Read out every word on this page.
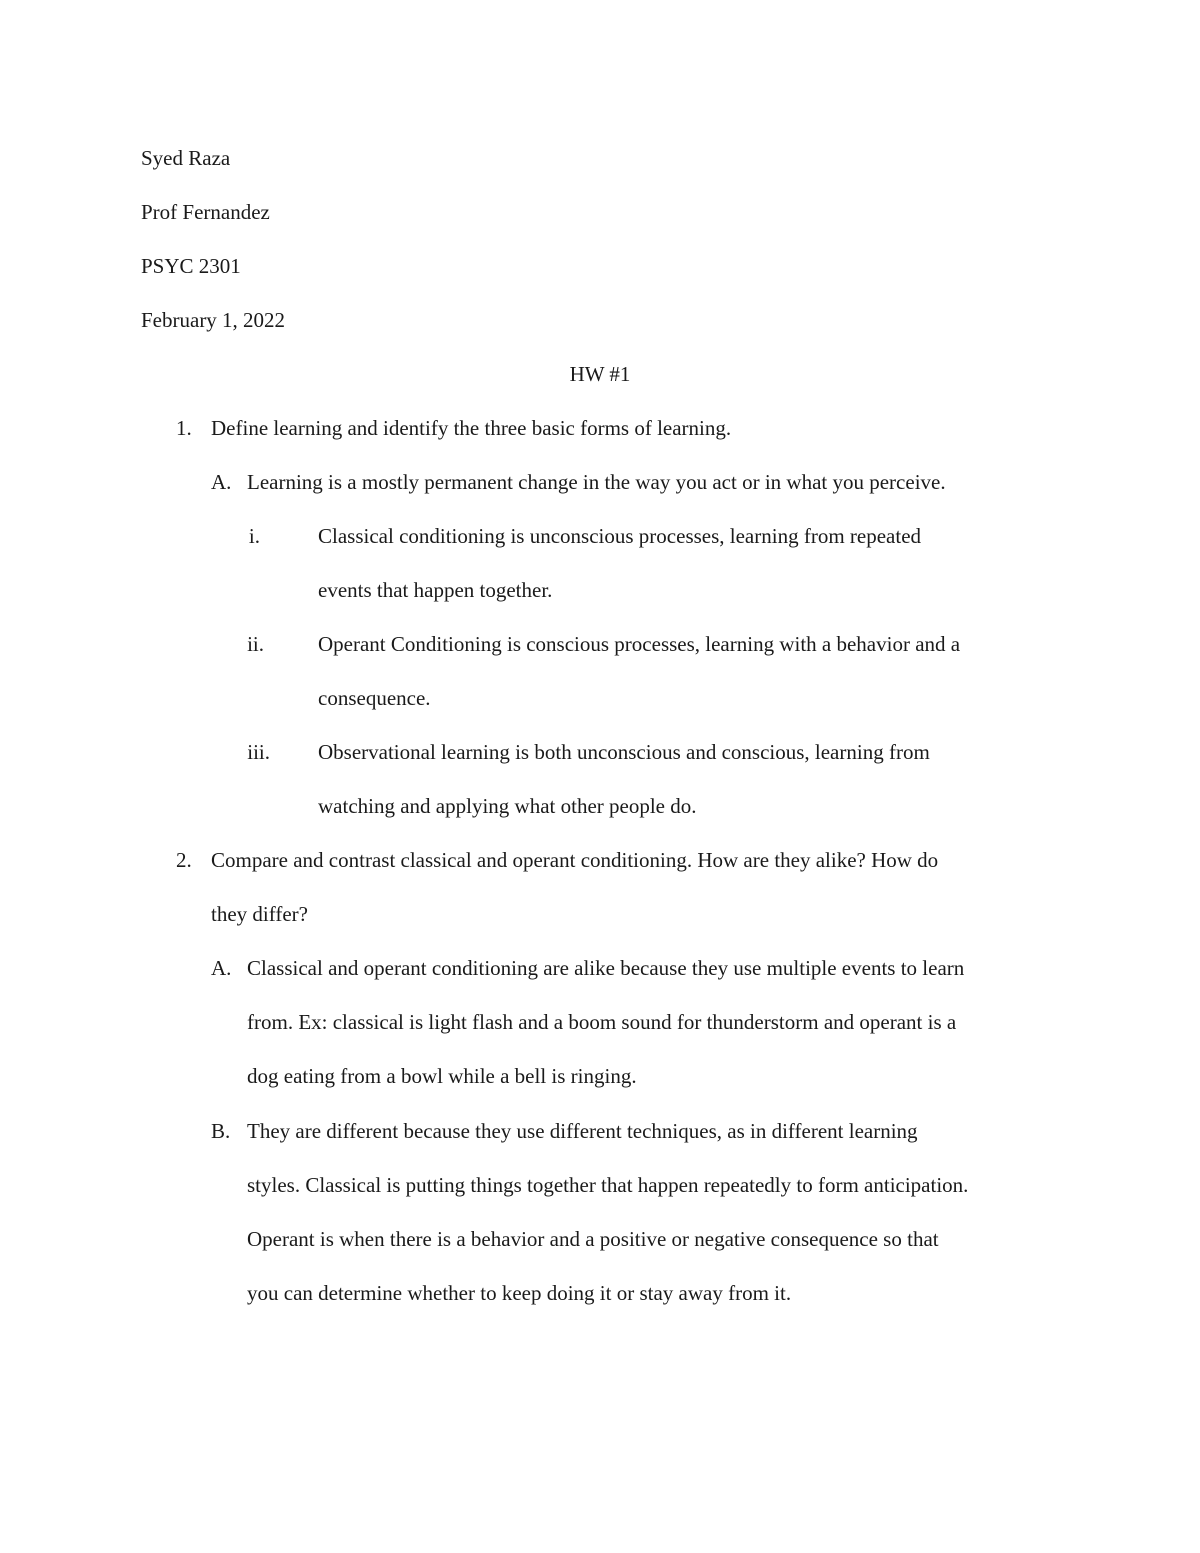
Syed Raza
Prof Fernandez
PSYC 2301
February 1, 2022
HW #1
1. Define learning and identify the three basic forms of learning.
A. Learning is a mostly permanent change in the way you act or in what you perceive.
i.	Classical conditioning is unconscious processes, learning from repeated
events that happen together.
ii.	Operant Conditioning is conscious processes, learning with a behavior and a
consequence.
iii. Observational learning is both unconscious and conscious, learning from
watching and applying what other people do.
2. Compare and contrast classical and operant conditioning. How are they alike? How do
they differ?
A. Classical and operant conditioning are alike because they use multiple events to learn
from. Ex: classical is light flash and a boom sound for thunderstorm and operant is a
dog eating from a bowl while a bell is ringing.
B. They are different because they use different techniques, as in different learning
styles. Classical is putting things together that happen repeatedly to form anticipation.
Operant is when there is a behavior and a positive or negative consequence so that
you can determine whether to keep doing it or stay away from it.
